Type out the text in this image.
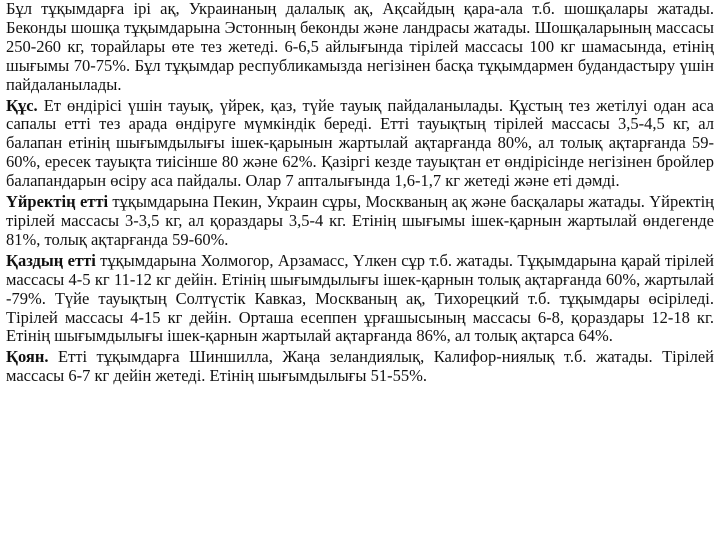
Бұл тұқымдарға ірі ақ, Украинаның далалық ақ, Ақсайдың қара-ала т.б. шошқалары жатады. Беконды шошқа тұқымдарына Эстонның беконды және ландрасы жатады. Шошқаларының массасы 250-260 кг, торайлары өте тез жетеді. 6-6,5 айлығында тірілей массасы 100 кг шамасында, етінің шығымы 70-75%. Бұл тұқымдар республикамызда негізінен басқа тұқымдармен будандастыру үшін пайдаланылады.

Құс. Ет өндірісі үшін тауық, үйрек, қаз, түйе тауық пайдаланылады. Құстың тез жетілуі одан аса сапалы етті тез арада өндіруге мүмкіндік береді. Етті тауықтың тірілей массасы 3,5-4,5 кг, ал балапан етінің шығымдылығы ішек-қарынын жартылай ақтарғанда 80%, ал толық ақтарғанда 59-60%, ересек тауықта тиісінше 80 және 62%. Қазіргі кезде тауықтан ет өндірісінде негізінен бройлер балапандарын өсіру аса пайдалы. Олар 7 апталығында 1,6-1,7 кг жетеді және еті дәмді.

Үйректің етті тұқымдарына Пекин, Украин сұры, Москваның ақ және басқалары жатады. Үйректің тірілей массасы 3-3,5 кг, ал қораздары 3,5-4 кг. Етінің шығымы ішек-қарнын жартылай өндегенде 81%, толық ақтарғанда 59-60%.

Қаздың етті тұқымдарына Холмогор, Арзамасс, Үлкен сұр т.б. жатады. Тұқымдарына қарай тірілей массасы 4-5 кг 11-12 кг дейін. Етінің шығымдылығы ішек-қарнын толық ақтарғанда 60%, жартылай -79%. Түйе тауықтың Солтүстік Кавказ, Москваның ақ, Тихорецкий т.б. тұқымдары өсіріледі. Тірілей массасы 4-15 кг дейін. Орташа есеппен ұрғашысының массасы 6-8, қораздары 12-18 кг. Етінің шығымдылығы ішек-қарнын жартылай ақтарғанда 86%, ал толық ақтарса 64%.

Қоян. Етті тұқымдарға Шиншилла, Жаңа зеландиялық, Калифор-ниялық т.б. жатады. Тірілей массасы 6-7 кг дейін жетеді. Етінің шығымдылығы 51-55%.
